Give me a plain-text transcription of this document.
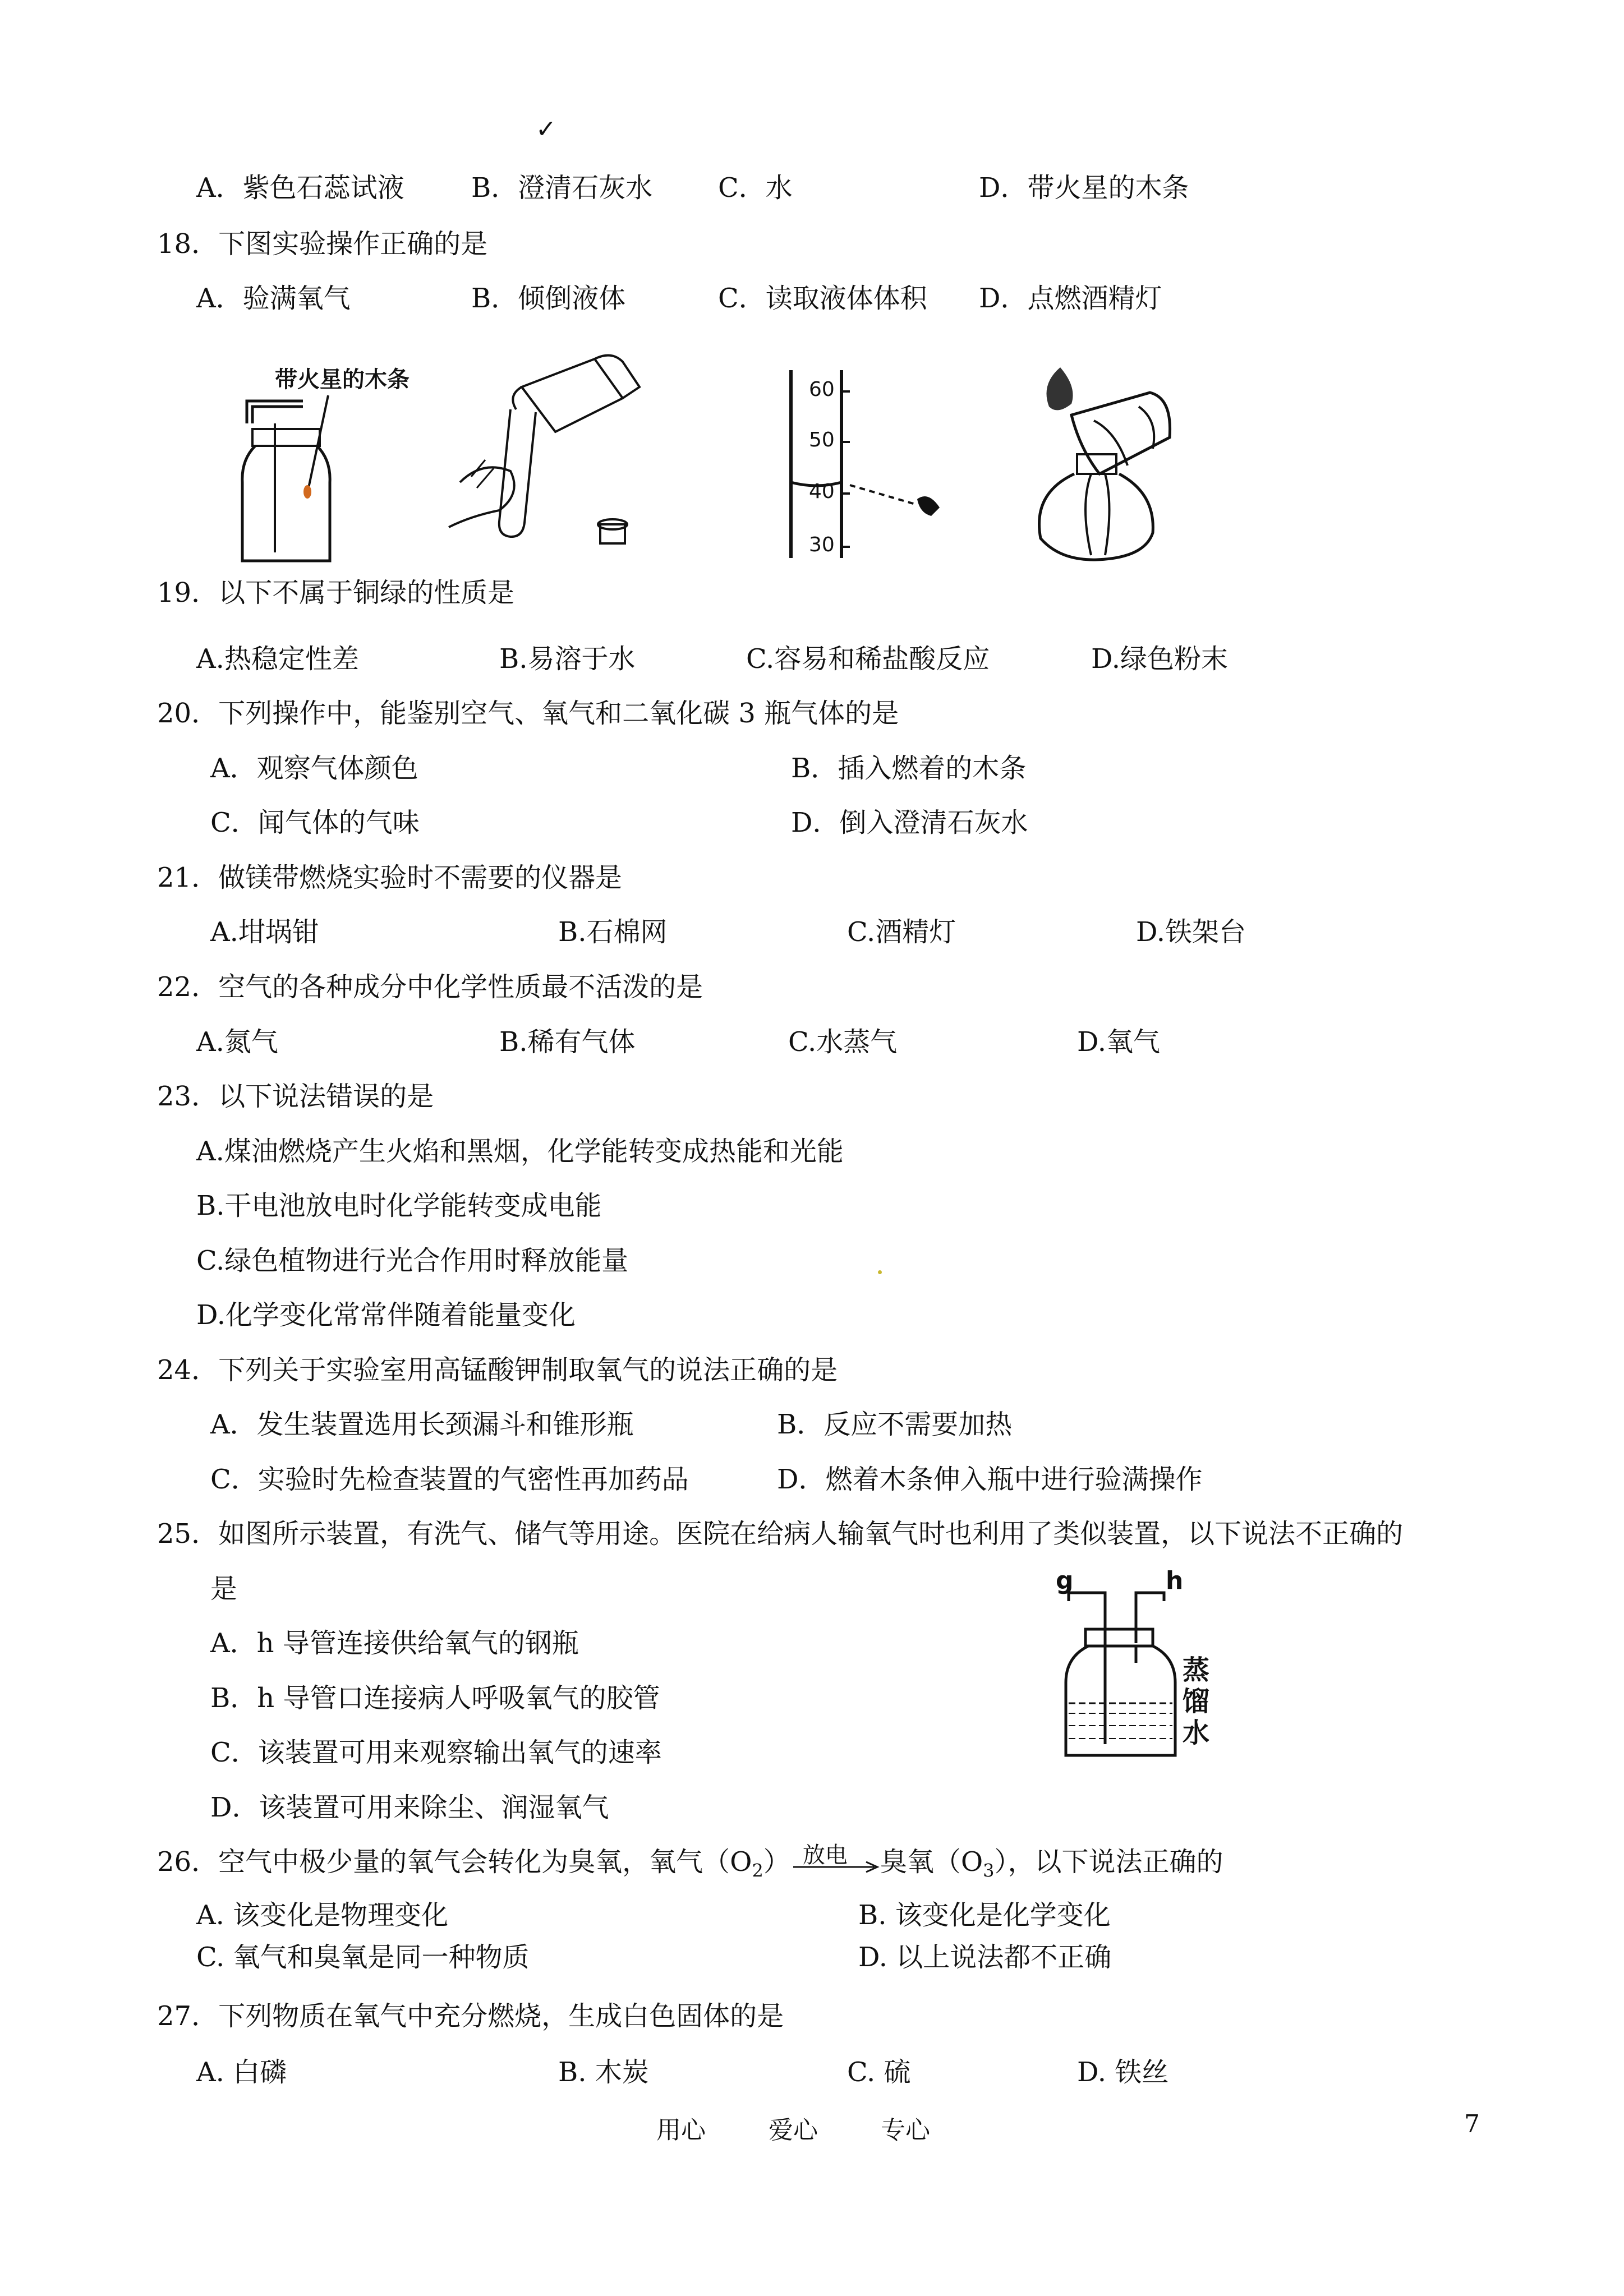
✓
A．紫色石蕊试液 B．澄清石灰水 C．水	D．带火星的木条
18．下图实验操作正确的是
A．验满氧气	B．倾倒液体	C．读取液体体积 D．点燃酒精灯
带火星的木条	60
50
40
30
19．以下不属于铜绿的性质是
A.热稳定性差	B.易溶于水	C.容易和稀盐酸反应	D.绿色粉末
20．下列操作中，能鉴别空气、氧气和二氧化碳 3 瓶气体的是
A．观察气体颜色	B．插入燃着的木条
C．闻气体的气味	D．倒入澄清石灰水
21．做镁带燃烧实验时不需要的仪器是
A.坩埚钳	B.石棉网	C.酒精灯	D.铁架台
22．空气的各种成分中化学性质最不活泼的是
A.氮气	B.稀有气体	C.水蒸气	D.氧气
23．以下说法错误的是
A.煤油燃烧产生火焰和黑烟，化学能转变成热能和光能
B.干电池放电时化学能转变成电能
C.绿色植物进行光合作用时释放能量
D.化学变化常常伴随着能量变化
24．下列关于实验室用高锰酸钾制取氧气的说法正确的是
A．发生装置选用长颈漏斗和锥形瓶	B．反应不需要加热
C．实验时先检查装置的气密性再加药品	D．燃着木条伸入瓶中进行验满操作
25．如图所示装置，有洗气、储气等用途。医院在给病人输氧气时也利用了类似装置，以下说法不正确的
是
A．h 导管连接供给氧气的钢瓶
B．h 导管口连接病人呼吸氧气的胶管
C．该装置可用来观察输出氧气的速率
D．该装置可用来除尘、润湿氧气
g	h
蒸
馏
水
26．空气中极少量的氧气会转化为臭氧，氧气$(O_2)$ 放电 臭氧$(O_3)$，以下说法正确的
A. 该变化是物理变化	B. 该变化是化学变化
C. 氧气和臭氧是同一种物质	D. 以上说法都不正确
27．下列物质在氧气中充分燃烧，生成白色固体的是
A. 白磷	B. 木炭	C. 硫	D. 铁丝
用心	爱心	专心	7
